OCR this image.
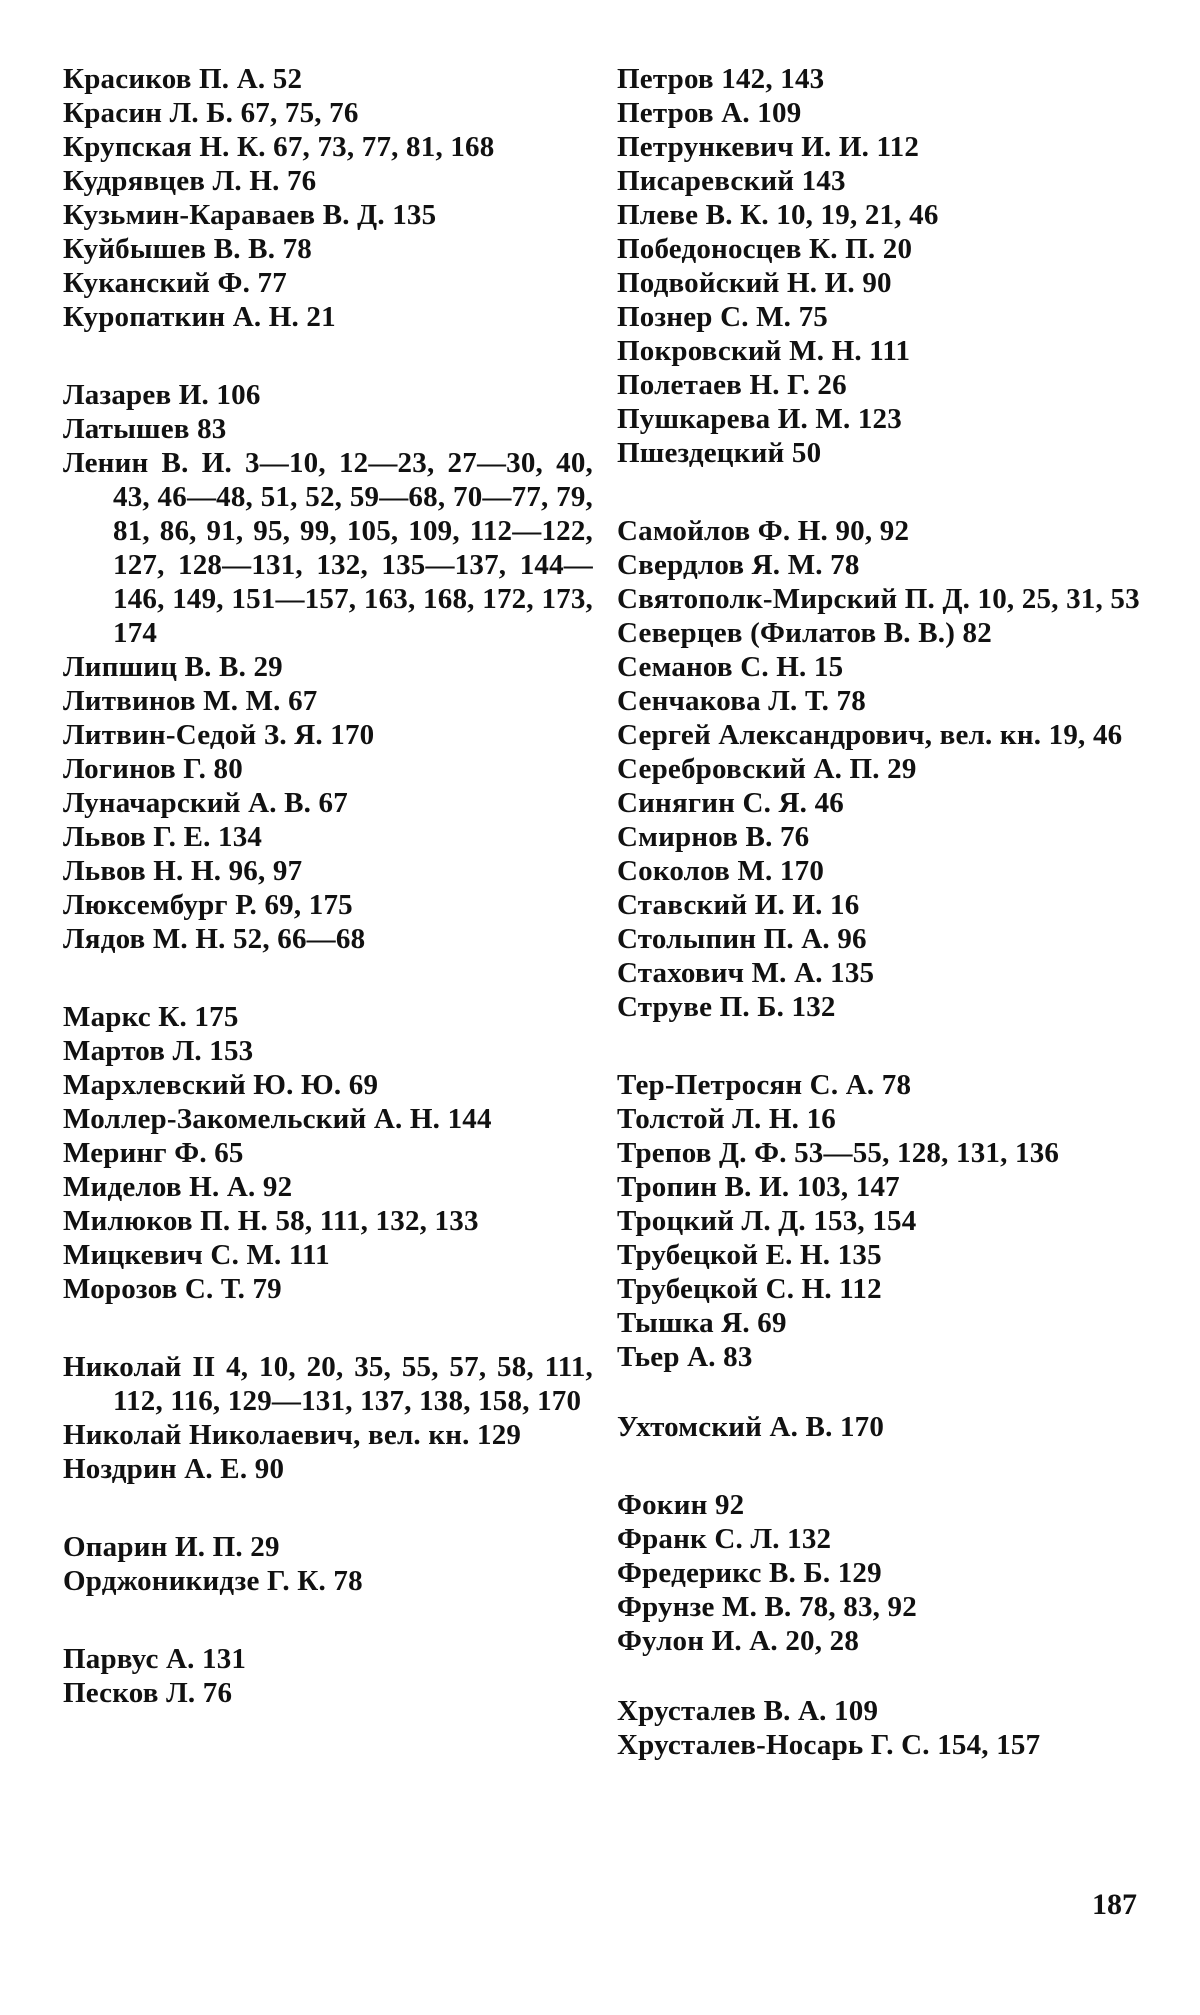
Красиков П. А. 52
Красин Л. Б. 67, 75, 76
Крупская Н. К. 67, 73, 77, 81, 168
Кудрявцев Л. Н. 76
Кузьмин-Караваев В. Д. 135
Куйбышев В. В. 78
Куканский Ф. 77
Куропаткин А. Н. 21
Лазарев И. 106
Латышев 83
Ленин В. И. 3—10, 12—23, 27—30, 40, 43, 46—48, 51, 52, 59—68, 70—77, 79, 81, 86, 91, 95, 99, 105, 109, 112—122, 127, 128—131, 132, 135—137, 144—146, 149, 151—157, 163, 168, 172, 173, 174
Липшиц В. В. 29
Литвинов М. М. 67
Литвин-Седой З. Я. 170
Логинов Г. 80
Луначарский А. В. 67
Львов Г. Е. 134
Львов Н. Н. 96, 97
Люксембург Р. 69, 175
Лядов М. Н. 52, 66—68
Маркс К. 175
Мартов Л. 153
Мархлевский Ю. Ю. 69
Моллер-Закомельский А. Н. 144
Меринг Ф. 65
Миделов Н. А. 92
Милюков П. Н. 58, 111, 132, 133
Мицкевич С. М. 111
Морозов С. Т. 79
Николай II 4, 10, 20, 35, 55, 57, 58, 111, 112, 116, 129—131, 137, 138, 158, 170
Николай Николаевич, вел. кн. 129
Ноздрин А. Е. 90
Опарин И. П. 29
Орджоникидзе Г. К. 78
Парвус А. 131
Песков Л. 76
Петров 142, 143
Петров А. 109
Петрункевич И. И. 112
Писаревский 143
Плеве В. К. 10, 19, 21, 46
Победоносцев К. П. 20
Подвойский Н. И. 90
Познер С. М. 75
Покровский М. Н. 111
Полетаев Н. Г. 26
Пушкарева И. М. 123
Пшездецкий 50
Самойлов Ф. Н. 90, 92
Свердлов Я. М. 78
Святополк-Мирский П. Д. 10, 25, 31, 53
Северцев (Филатов В. В.) 82
Семанов С. Н. 15
Сенчакова Л. Т. 78
Сергей Александрович, вел. кн. 19, 46
Серебровский А. П. 29
Синягин С. Я. 46
Смирнов В. 76
Соколов М. 170
Ставский И. И. 16
Столыпин П. А. 96
Стахович М. А. 135
Струве П. Б. 132
Тер-Петросян С. А. 78
Толстой Л. Н. 16
Трепов Д. Ф. 53—55, 128, 131, 136
Тропин В. И. 103, 147
Троцкий Л. Д. 153, 154
Трубецкой Е. Н. 135
Трубецкой С. Н. 112
Тышка Я. 69
Тьер А. 83
Ухтомский А. В. 170
Фокин 92
Франк С. Л. 132
Фредерикс В. Б. 129
Фрунзе М. В. 78, 83, 92
Фулон И. А. 20, 28
Хрусталев В. А. 109
Хрусталев-Носарь Г. С. 154, 157
187
